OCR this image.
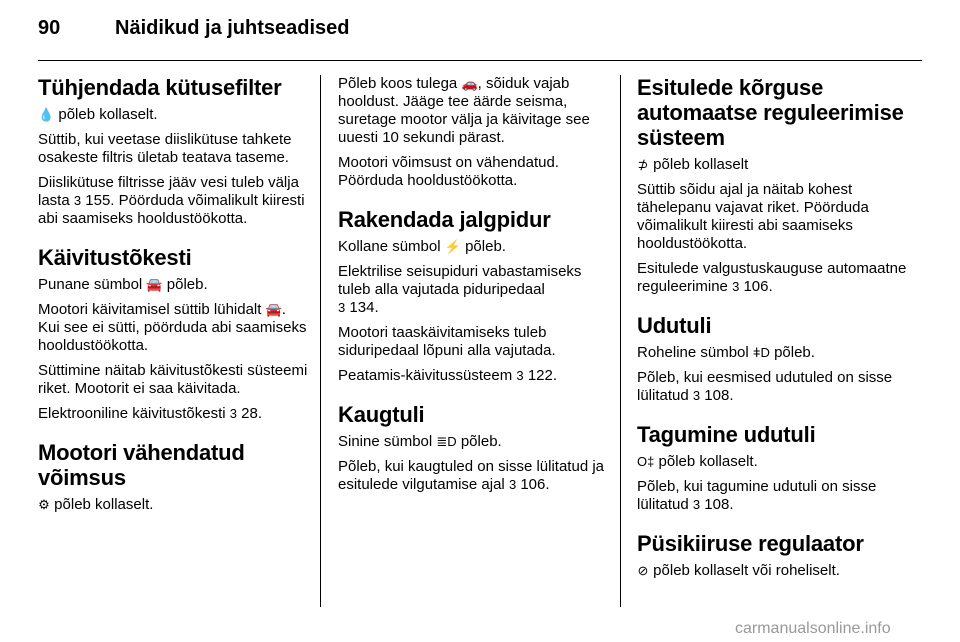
90	Näidikud ja juhtseadised
Tühjendada kütusefilter

💧 põleb kollaselt.

Süttib, kui veetase diislikütuse tahkete osakeste filtris ületab teatava taseme.

Diislikütuse filtrisse jääv vesi tuleb välja lasta 3 155. Pöörduda võimalikult kiiresti abi saamiseks hooldustöökotta.

Käivitustõkesti

Punane sümbol 🚘 põleb.

Mootori käivitamisel süttib lühidalt 🚘. Kui see ei sütti, pöörduda abi saamiseks hooldustöökotta.

Süttimine näitab käivitustõkesti süsteemi riket. Mootorit ei saa käivitada.

Elektrooniline käivitustõkesti 3 28.

Mootori vähendatud võimsus

⚙ põleb kollaselt.

Põleb koos tulega 🚗, sõiduk vajab hooldust. Jääge tee äärde seisma, suretage mootor välja ja käivitage see uuesti 10 sekundi pärast.

Mootori võimsust on vähendatud. Pöörduda hooldustöökotta.

Rakendada jalgpidur

Kollane sümbol ⚡ põleb.

Elektrilise seisupiduri vabastamiseks tuleb alla vajutada piduripedaal
3 134.

Mootori taaskäivitamiseks tuleb siduripedaal lõpuni alla vajutada.

Peatamis-käivitussüsteem 3 122.

Kaugtuli

Sinine sümbol ≣D põleb.

Põleb, kui kaugtuled on sisse lülitatud ja esitulede vilgutamise ajal 3 106.

Esitulede kõrguse automaatse reguleerimise süsteem

⊅ põleb kollaselt

Süttib sõidu ajal ja näitab kohest tähelepanu vajavat riket. Pöörduda võimalikult kiiresti abi saamiseks hooldustöökotta.

Esitulede valgustuskauguse automaatne reguleerimine 3 106.

Udutuli

Roheline sümbol ǂD põleb.

Põleb, kui eesmised udutuled on sisse lülitatud 3 108.

Tagumine udutuli

O‡ põleb kollaselt.

Põleb, kui tagumine udutuli on sisse lülitatud 3 108.

Püsikiiruse regulaator

⊘ põleb kollaselt või roheliselt.

carmanualsonline.info
